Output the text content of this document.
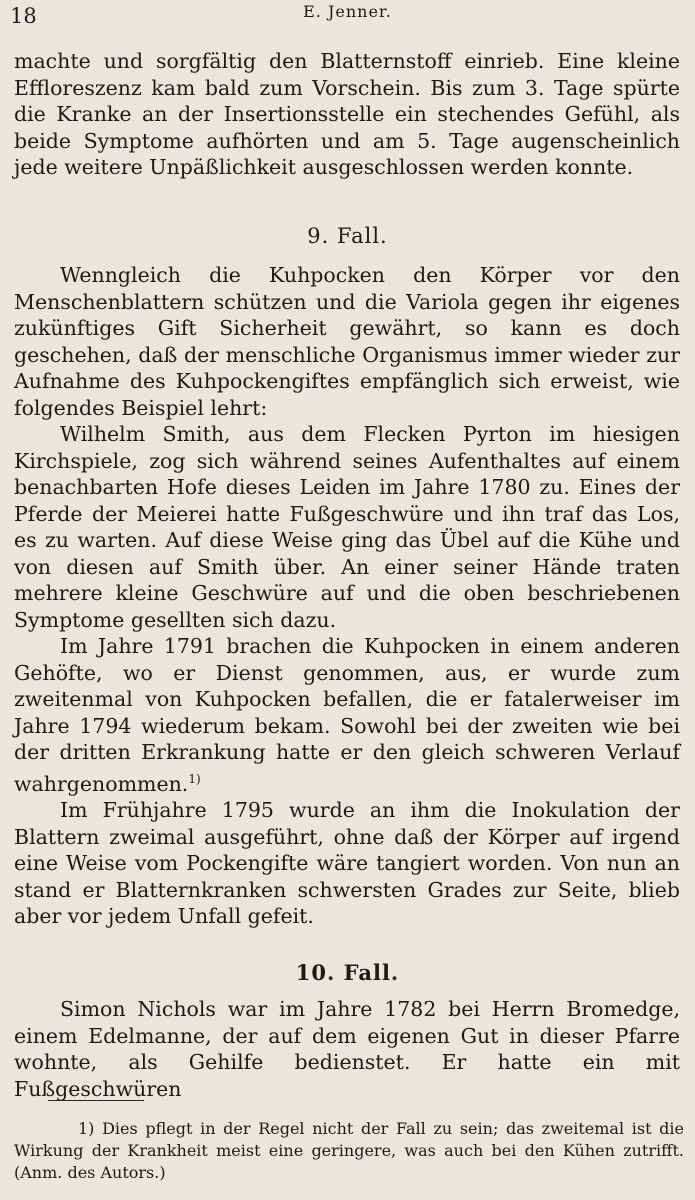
18	E. Jenner.

machte und sorgfältig den Blatternstoff einrieb. Eine kleine Effloreszenz kam bald zum Vorschein. Bis zum 3. Tage spürte die Kranke an der Insertionsstelle ein stechendes Gefühl, als beide Symptome aufhörten und am 5. Tage augenscheinlich jede weitere Unpäßlichkeit ausgeschlossen werden konnte.

9. Fall.

Wenngleich die Kuhpocken den Körper vor den Menschenblattern schützen und die Variola gegen ihr eigenes zukünftiges Gift Sicherheit gewährt, so kann es doch geschehen, daß der menschliche Organismus immer wieder zur Aufnahme des Kuhpockengiftes empfänglich sich erweist, wie folgendes Beispiel lehrt:

Wilhelm Smith, aus dem Flecken Pyrton im hiesigen Kirchspiele, zog sich während seines Aufenthaltes auf einem benachbarten Hofe dieses Leiden im Jahre 1780 zu. Eines der Pferde der Meierei hatte Fußgeschwüre und ihn traf das Los, es zu warten. Auf diese Weise ging das Übel auf die Kühe und von diesen auf Smith über. An einer seiner Hände traten mehrere kleine Geschwüre auf und die oben beschriebenen Symptome gesellten sich dazu.

Im Jahre 1791 brachen die Kuhpocken in einem anderen Gehöfte, wo er Dienst genommen, aus, er wurde zum zweitenmal von Kuhpocken befallen, die er fatalerweiser im Jahre 1794 wiederum bekam. Sowohl bei der zweiten wie bei der dritten Erkrankung hatte er den gleich schweren Verlauf wahrgenommen.$^{1)}$

Im Frühjahre 1795 wurde an ihm die Inokulation der Blattern zweimal ausgeführt, ohne daß der Körper auf irgend eine Weise vom Pockengifte wäre tangiert worden. Von nun an stand er Blatternkranken schwersten Grades zur Seite, blieb aber vor jedem Unfall gefeit.

10. Fall.

Simon Nichols war im Jahre 1782 bei Herrn Bromedge, einem Edelmanne, der auf dem eigenen Gut in dieser Pfarre wohnte, als Gehilfe bedienstet. Er hatte ein mit Fußgeschwüren

1) Dies pflegt in der Regel nicht der Fall zu sein; das zweitemal ist die Wirkung der Krankheit meist eine geringere, was auch bei den Kühen zutrifft. (Anm. des Autors.)
